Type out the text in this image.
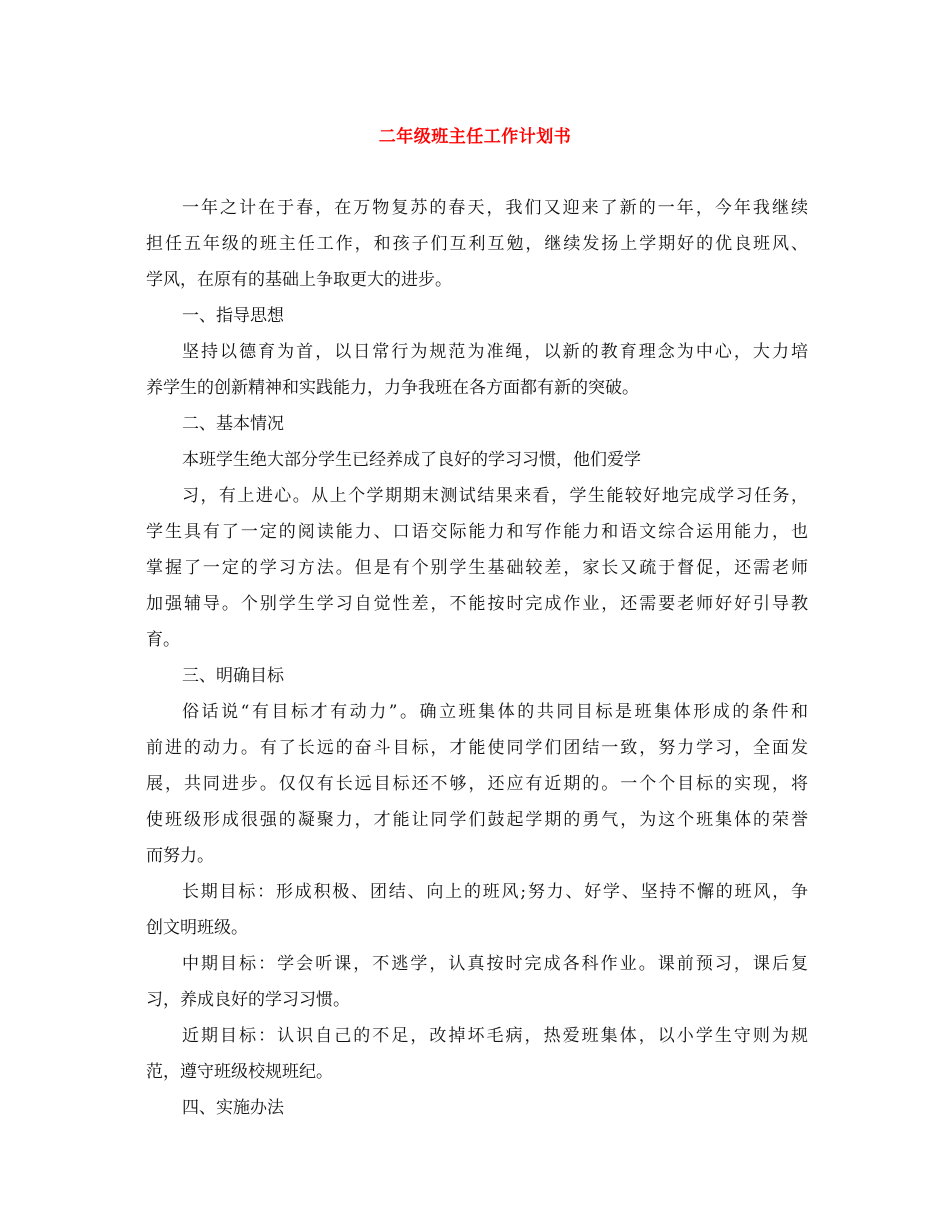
二年级班主任工作计划书
一年之计在于春，在万物复苏的春天，我们又迎来了新的一年，今年我继续
担任五年级的班主任工作，和孩子们互利互勉，继续发扬上学期好的优良班风、
学风，在原有的基础上争取更大的进步。
一、指导思想
坚持以德育为首，以日常行为规范为准绳，以新的教育理念为中心，大力培
养学生的创新精神和实践能力，力争我班在各方面都有新的突破。
二、基本情况
本班学生绝大部分学生已经养成了良好的学习习惯，他们爱学
习，有上进心。从上个学期期末测试结果来看，学生能较好地完成学习任务，
学生具有了一定的阅读能力、口语交际能力和写作能力和语文综合运用能力，也
掌握了一定的学习方法。但是有个别学生基础较差，家长又疏于督促，还需老师
加强辅导。个别学生学习自觉性差，不能按时完成作业，还需要老师好好引导教
育。
三、明确目标
俗话说“有目标才有动力”。确立班集体的共同目标是班集体形成的条件和
前进的动力。有了长远的奋斗目标，才能使同学们团结一致，努力学习，全面发
展，共同进步。仅仅有长远目标还不够，还应有近期的。一个个目标的实现，将
使班级形成很强的凝聚力，才能让同学们鼓起学期的勇气，为这个班集体的荣誉
而努力。
长期目标：形成积极、团结、向上的班风;努力、好学、坚持不懈的班风，争
创文明班级。
中期目标：学会听课，不逃学，认真按时完成各科作业。课前预习，课后复
习，养成良好的学习习惯。
近期目标：认识自己的不足，改掉坏毛病，热爱班集体，以小学生守则为规
范，遵守班级校规班纪。
四、实施办法
